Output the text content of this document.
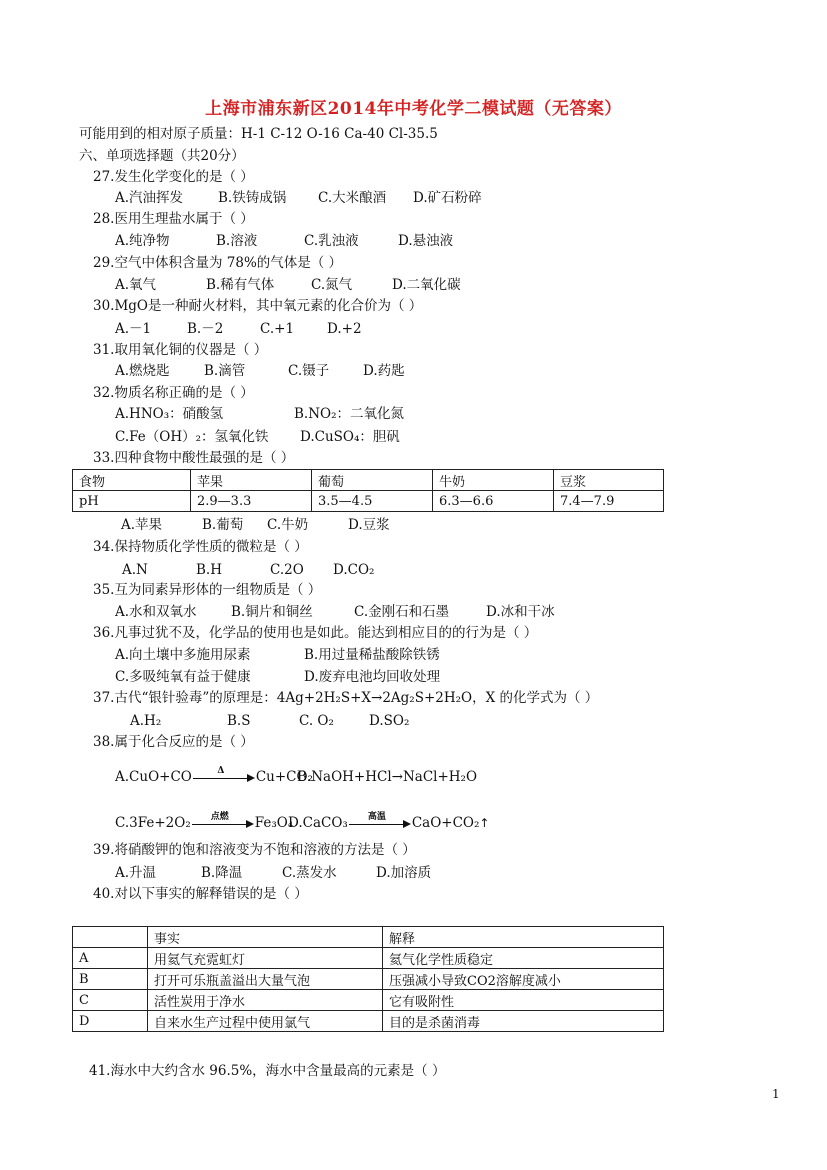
上海市浦东新区2014年中考化学二模试题（无答案）
可能用到的相对原子质量：H-1 C-12 O-16 Ca-40 Cl-35.5
六、单项选择题（共20分）
27.发生化学变化的是（ ）
A.汽油挥发	B.铁铸成锅 C.大米酿酒 D.矿石粉碎
28.医用生理盐水属于（ ）
A.纯净物	B.溶液	C.乳浊液	D.悬浊液
29.空气中体积含量为 78%的气体是（ ）
A.氧气	B.稀有气体	C.氮气	D.二氧化碳
30.MgO是一种耐火材料，其中氧元素的化合价为（ ）
A.－1	B.－2	C.+1 D.+2
31.取用氧化铜的仪器是（ ）
A.燃烧匙	B.滴管	C.镊子	D.药匙
32.物质名称正确的是（ ）
A.HNO₃：硝酸氢	B.NO₂：二氧化氮
C.Fe（OH）₂：氢氧化铁 D.CuSO₄：胆矾
33.四种食物中酸性最强的是（ ）
食物	苹果	葡萄	牛奶	豆浆
pH	2.9—3.3	3.5—4.5	6.3—6.6	7.4—7.9
A.苹果	B.葡萄 C.牛奶	D.豆浆
34.保持物质化学性质的微粒是（ ）
A.N	B.H	C.2O D.CO₂
35.互为同素异形体的一组物质是（ ）
A.水和双氧水	B.铜片和铜丝	C.金刚石和石墨	D.冰和干冰
36.凡事过犹不及，化学品的使用也是如此。能达到相应目的的行为是（ ）
A.向土壤中多施用尿素	B.用过量稀盐酸除铁锈
C.多吸纯氧有益于健康	D.废弃电池均回收处理
37.古代“银针验毒”的原理是：4Ag+2H₂S+X→2Ag₂S+2H₂O，X 的化学式为（ ）
A.H₂	B.S	C. O₂	D.SO₂
38.属于化合反应的是（ ）
A.CuO+CO	Δ	Cu+CO₂
B.NaOH+HCl→NaCl+H₂O
C.3Fe+2O₂	点燃	Fe₃O₄
D.CaCO₃	高温	CaO+CO₂↑
39.将硝酸钾的饱和溶液变为不饱和溶液的方法是（ ）
A.升温	B.降温	C.蒸发水	D.加溶质
40.对以下事实的解释错误的是（ ）
	事实	解释
A	用氦气充霓虹灯	氦气化学性质稳定
B	打开可乐瓶盖溢出大量气泡	压强减小导致CO2溶解度减小
C	活性炭用于净水	它有吸附性
D	自来水生产过程中使用氯气	目的是杀菌消毒
41.海水中大约含水 96.5%，海水中含量最高的元素是（ ）
1
